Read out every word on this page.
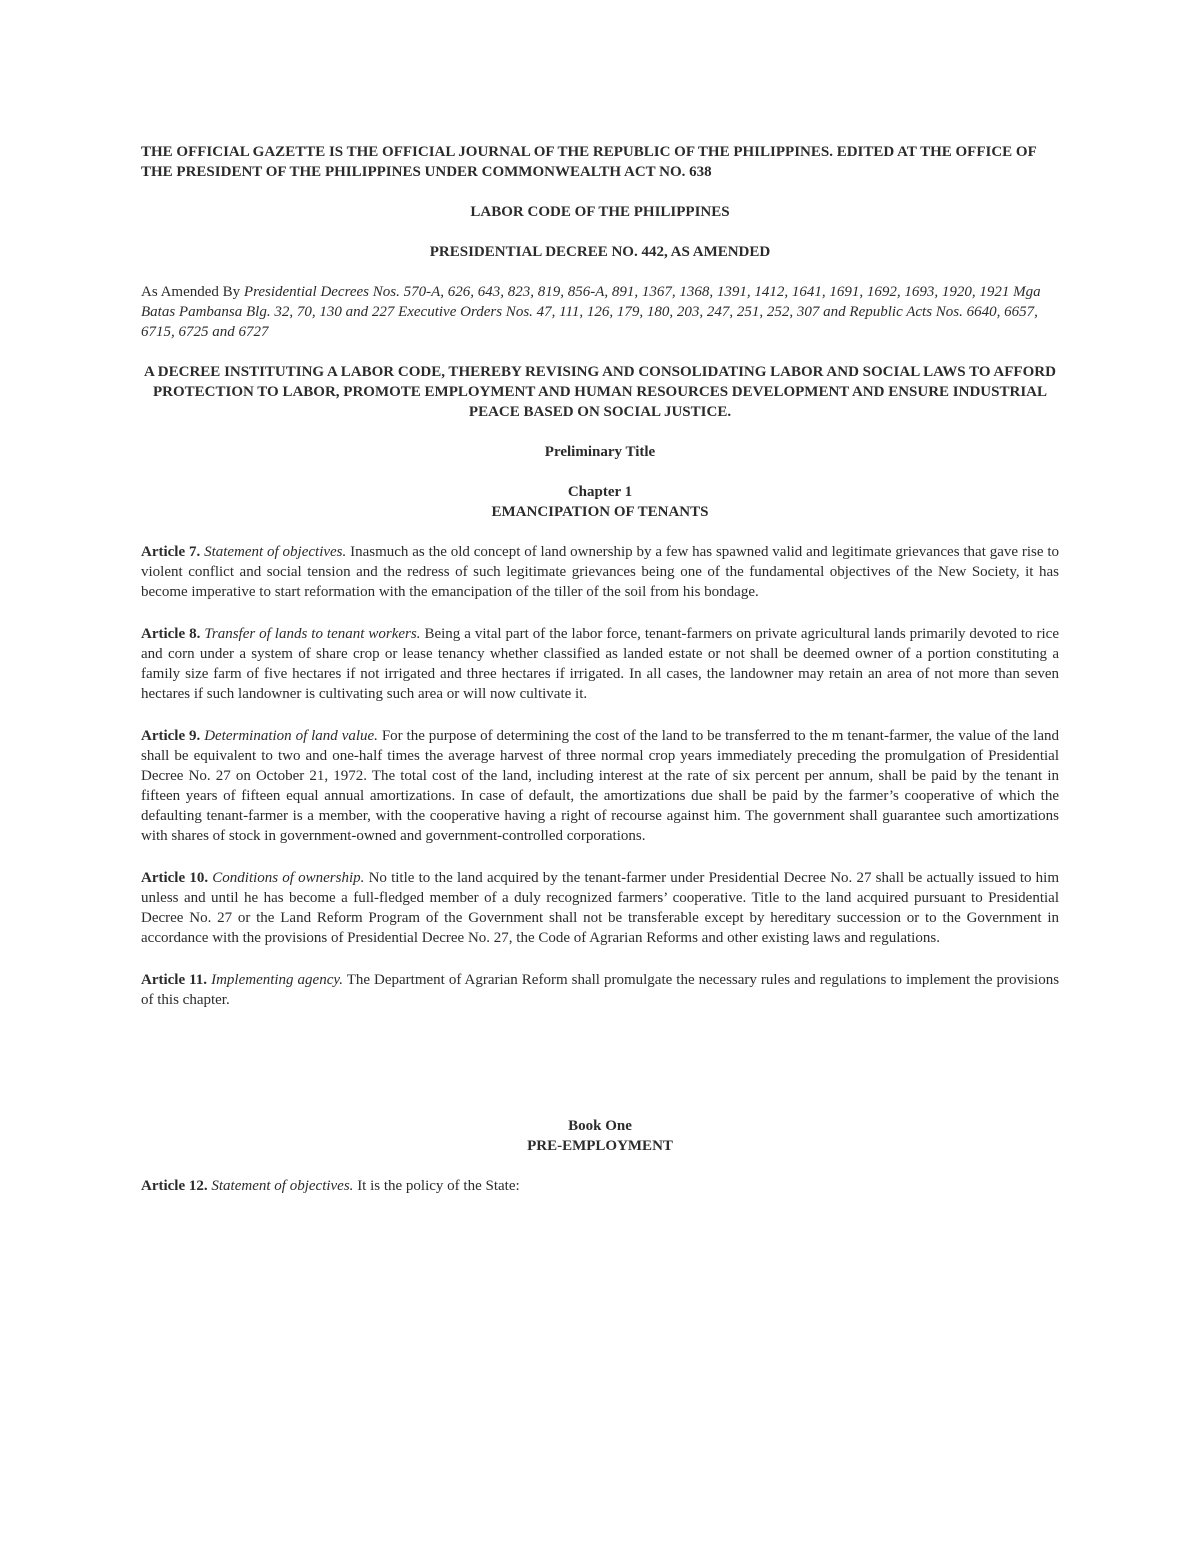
THE OFFICIAL GAZETTE IS THE OFFICIAL JOURNAL OF THE REPUBLIC OF THE PHILIPPINES. EDITED AT THE OFFICE OF THE PRESIDENT OF THE PHILIPPINES UNDER COMMONWEALTH ACT NO. 638

LABOR CODE OF THE PHILIPPINES

PRESIDENTIAL DECREE NO. 442, AS AMENDED

As Amended By Presidential Decrees Nos. 570-A, 626, 643, 823, 819, 856-A, 891, 1367, 1368, 1391, 1412, 1641, 1691, 1692, 1693, 1920, 1921 Mga Batas Pambansa Blg. 32, 70, 130 and 227 Executive Orders Nos. 47, 111, 126, 179, 180, 203, 247, 251, 252, 307 and Republic Acts Nos. 6640, 6657, 6715, 6725 and 6727

A DECREE INSTITUTING A LABOR CODE, THEREBY REVISING AND CONSOLIDATING LABOR AND SOCIAL LAWS TO AFFORD PROTECTION TO LABOR, PROMOTE EMPLOYMENT AND HUMAN RESOURCES DEVELOPMENT AND ENSURE INDUSTRIAL PEACE BASED ON SOCIAL JUSTICE.

Preliminary Title

Chapter 1

EMANCIPATION OF TENANTS

Article 7. Statement of objectives. Inasmuch as the old concept of land ownership by a few has spawned valid and legitimate grievances that gave rise to violent conflict and social tension and the redress of such legitimate grievances being one of the fundamental objectives of the New Society, it has become imperative to start reformation with the emancipation of the tiller of the soil from his bondage.

Article 8. Transfer of lands to tenant workers. Being a vital part of the labor force, tenant-farmers on private agricultural lands primarily devoted to rice and corn under a system of share crop or lease tenancy whether classified as landed estate or not shall be deemed owner of a portion constituting a family size farm of five hectares if not irrigated and three hectares if irrigated. In all cases, the landowner may retain an area of not more than seven hectares if such landowner is cultivating such area or will now cultivate it.

Article 9. Determination of land value. For the purpose of determining the cost of the land to be transferred to the m tenant-farmer, the value of the land shall be equivalent to two and one-half times the average harvest of three normal crop years immediately preceding the promulgation of Presidential Decree No. 27 on October 21, 1972. The total cost of the land, including interest at the rate of six percent per annum, shall be paid by the tenant in fifteen years of fifteen equal annual amortizations. In case of default, the amortizations due shall be paid by the farmer’s cooperative of which the defaulting tenant-farmer is a member, with the cooperative having a right of recourse against him. The government shall guarantee such amortizations with shares of stock in government-owned and government-controlled corporations.

Article 10. Conditions of ownership. No title to the land acquired by the tenant-farmer under Presidential Decree No. 27 shall be actually issued to him unless and until he has become a full-fledged member of a duly recognized farmers’ cooperative. Title to the land acquired pursuant to Presidential Decree No. 27 or the Land Reform Program of the Government shall not be transferable except by hereditary succession or to the Government in accordance with the provisions of Presidential Decree No. 27, the Code of Agrarian Reforms and other existing laws and regulations.

Article 11. Implementing agency. The Department of Agrarian Reform shall promulgate the necessary rules and regulations to implement the provisions of this chapter.

Book One

PRE-EMPLOYMENT

Article 12. Statement of objectives. It is the policy of the State:
